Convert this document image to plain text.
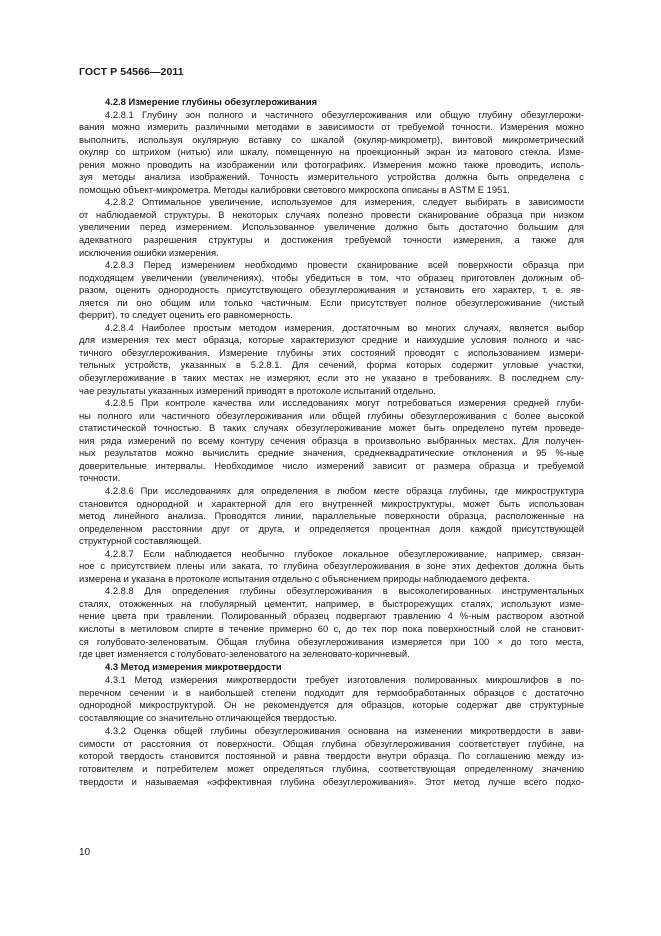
ГОСТ Р 54566—2011
4.2.8 Измерение глубины обезуглероживания
4.2.8.1 Глубину зон полного и частичного обезуглероживания или общую глубину обезуглерожи-
вания можно измерить различными методами в зависимости от требуемой точности. Измерения можно
выполнить, используя окулярную вставку со шкалой (окуляр-микрометр), винтовой микрометрический
окуляр со штрихом (нитью) или шкалу, помещенную на проекционный экран из матового стекла. Изме-
рения можно проводить на изображении или фотографиях. Измерения можно также проводить, исполь-
зуя методы анализа изображений. Точность измерительного устройства должна быть определена с
помощью объект-микрометра. Методы калибровки светового микроскопа описаны в ASTM E 1951.
4.2.8.2 Оптимальное увеличение, используемое для измерения, следует выбирать в зависимости
от наблюдаемой структуры. В некоторых случаях полезно провести сканирование образца при низком
увеличении перед измерением. Использованное увеличение должно быть достаточно большим для
адекватного разрешения структуры и достижения требуемой точности измерения, а также для
исключения ошибки измерения.
4.2.8.3 Перед измерением необходимо провести сканирование всей поверхности образца при
подходящем увеличении (увеличениях), чтобы убедиться в том, что образец приготовлен должным об-
разом, оценить однородность присутствующего обезуглероживания и установить его характер, т. е. яв-
ляется ли оно общим или только частичным. Если присутствует полное обезуглероживание (чистый
феррит), то следует оценить его равномерность.
4.2.8.4 Наиболее простым методом измерения, достаточным во многих случаях, является выбор
для измерения тех мест образца, которые характеризуют средние и наихудшие условия полного и час-
тичного обезуглероживания. Измерение глубины этих состояний проводят с использованием измери-
тельных устройств, указанных в 5.2.8.1. Для сечений, форма которых содержит угловые участки,
обезуглероживание в таких местах не измеряют, если это не указано в требованиях. В последнем слу-
чае результаты указанных измерений приводят в протоколе испытаний отдельно.
4.2.8.5 При контроле качества или исследованиях могут потребоваться измерения средней глуби-
ны полного или частичного обезуглероживания или общей глубины обезуглероживания с более высокой
статистической точностью. В таких случаях обезуглероживание может быть определено путем проведе-
ния ряда измерений по всему контуру сечения образца в произвольно выбранных местах. Для получен-
ных результатов можно вычислить средние значения, среднеквадратические отклонения и 95 %-ные
доверительные интервалы. Необходимое число измерений зависит от размера образца и требуемой
точности.
4.2.8.6 При исследованиях для определения в любом месте образца глубины, где микроструктура
становится однородной и характерной для его внутренней микроструктуры, может быть использован
метод линейного анализа. Проводятся линии, параллельные поверхности образца, расположенные на
определенном расстоянии друг от друга, и определяется процентная доля каждой присутствующей
структурной составляющей.
4.2.8.7 Если наблюдается необычно глубокое локальное обезуглероживание, например, связан-
ное с присутствием плены или заката, то глубина обезуглероживания в зоне этих дефектов должна быть
измерена и указана в протоколе испытания отдельно с объяснением природы наблюдаемого дефекта.
4.2.8.8 Для определения глубины обезуглероживания в высоколегированных инструментальных
сталях, отожженных на глобулярный цементит, например, в быстрорежущих сталях, используют изме-
нение цвета при травлении. Полированный образец подвергают травлению 4 %-ным раствором азотной
кислоты в метиловом спирте в течение примерно 60 с, до тех пор пока поверхностный слой не становит-
ся голубовато-зеленоватым. Общая глубина обезуглероживания измеряется при 100 × до того места,
где цвет изменяется с голубовато-зеленоватого на зеленовато-коричневый.
4.3 Метод измерения микротвердости
4.3.1 Метод измерения микротвердости требует изготовления полированных микрошлифов в по-
перечном сечении и в наибольшей степени подходит для термообработанных образцов с достаточно
однородной микроструктурой. Он не рекомендуется для образцов, которые содержат две структурные
составляющие со значительно отличающейся твердостью.
4.3.2 Оценка общей глубины обезуглероживания основана на изменении микротвердости в зави-
симости от расстояния от поверхности. Общая глубина обезуглероживания соответствует глубине, на
которой твердость становится постоянной и равна твердости внутри образца. По соглашению между из-
готовителем и потребителем может определяться глубина, соответствующая определенному значению
твердости и называемая «эффективная глубина обезуглероживания». Этот метод лучше всего подхо-
10
